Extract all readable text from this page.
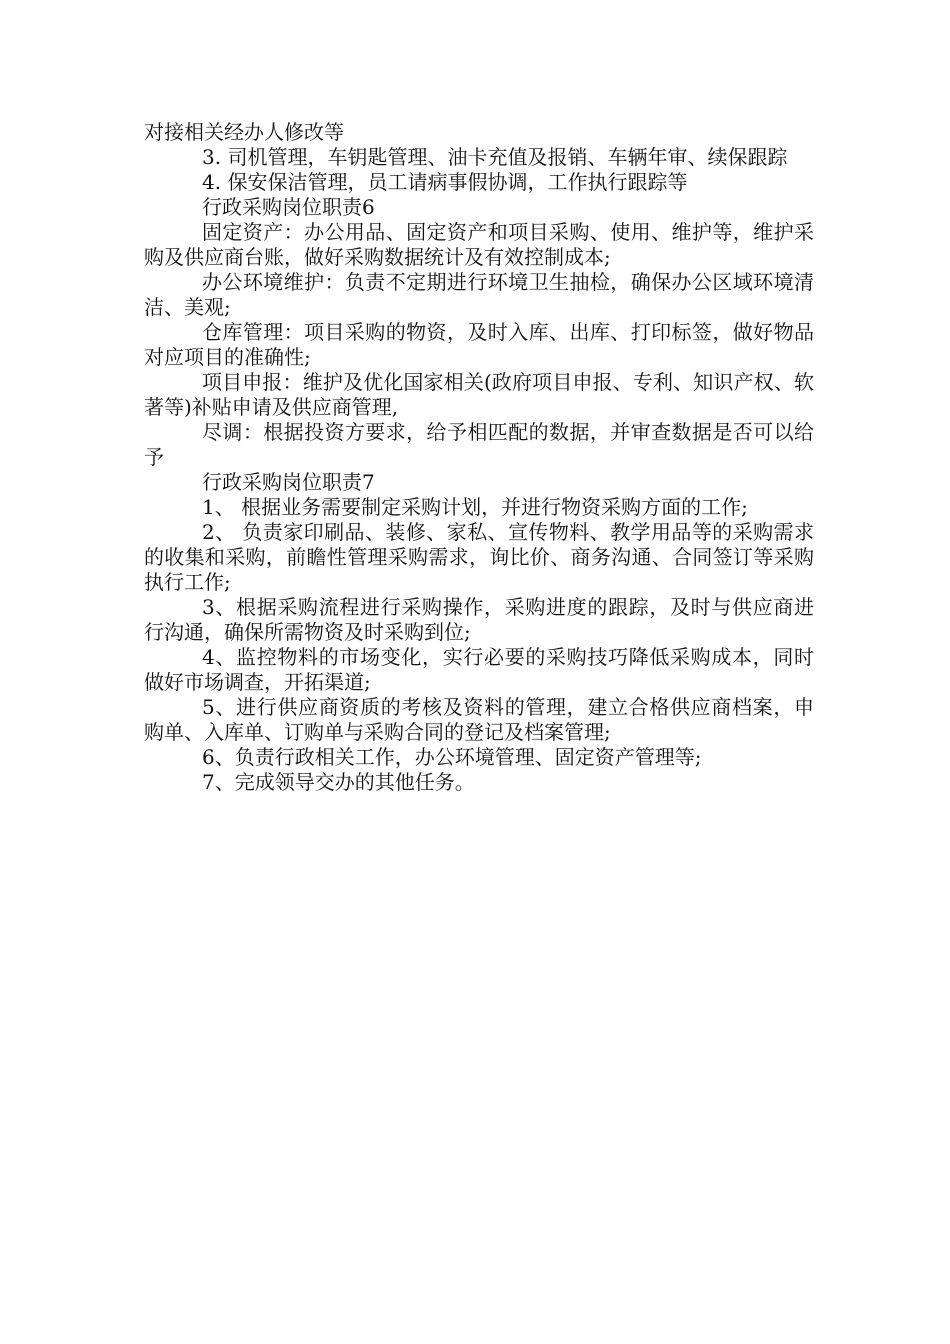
对接相关经办人修改等

3. 司机管理，车钥匙管理、油卡充值及报销、车辆年审、续保跟踪

4. 保安保洁管理，员工请病事假协调，工作执行跟踪等

行政采购岗位职责6

固定资产：办公用品、固定资产和项目采购、使用、维护等，维护采购及供应商台账，做好采购数据统计及有效控制成本;

办公环境维护：负责不定期进行环境卫生抽检，确保办公区域环境清洁、美观;

仓库管理：项目采购的物资，及时入库、出库、打印标签，做好物品对应项目的准确性;

项目申报：维护及优化国家相关(政府项目申报、专利、知识产权、软著等)补贴申请及供应商管理,

尽调：根据投资方要求，给予相匹配的数据，并审查数据是否可以给予

行政采购岗位职责7

1、 根据业务需要制定采购计划，并进行物资采购方面的工作;

2、 负责家印刷品、装修、家私、宣传物料、教学用品等的采购需求的收集和采购，前瞻性管理采购需求，询比价、商务沟通、合同签订等采购执行工作;

3、根据采购流程进行采购操作，采购进度的跟踪，及时与供应商进行沟通，确保所需物资及时采购到位;

4、监控物料的市场变化，实行必要的采购技巧降低采购成本，同时做好市场调查，开拓渠道;

5、进行供应商资质的考核及资料的管理，建立合格供应商档案，申购单、入库单、订购单与采购合同的登记及档案管理;

6、负责行政相关工作，办公环境管理、固定资产管理等;

7、完成领导交办的其他任务。
